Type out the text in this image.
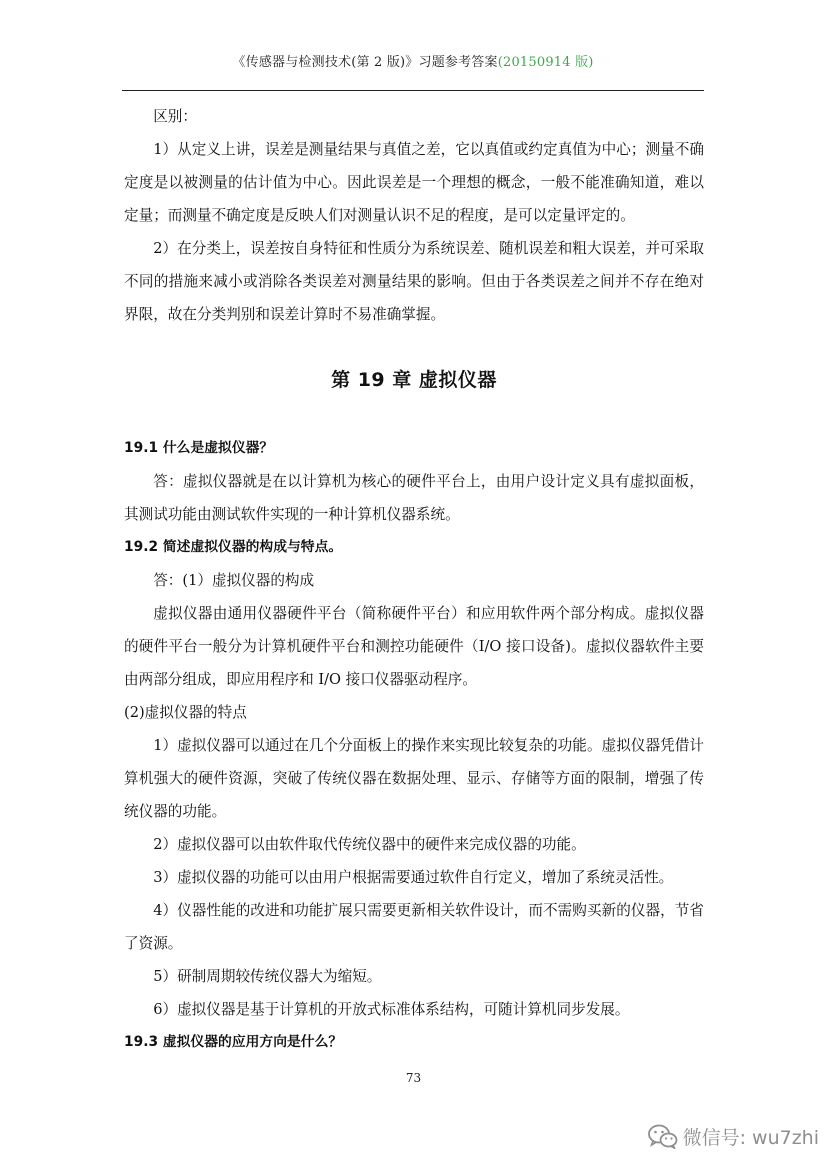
《传感器与检测技术(第 2 版)》习题参考答案(20150914 版)

区别：

1）从定义上讲，误差是测量结果与真值之差，它以真值或约定真值为中心；测量不确定度是以被测量的估计值为中心。因此误差是一个理想的概念，一般不能准确知道，难以定量；而测量不确定度是反映人们对测量认识不足的程度，是可以定量评定的。

2）在分类上，误差按自身特征和性质分为系统误差、随机误差和粗大误差，并可采取不同的措施来减小或消除各类误差对测量结果的影响。但由于各类误差之间并不存在绝对界限，故在分类判别和误差计算时不易准确掌握。

第 19 章 虚拟仪器
19.1 什么是虚拟仪器？

答：虚拟仪器就是在以计算机为核心的硬件平台上，由用户设计定义具有虚拟面板，其测试功能由测试软件实现的一种计算机仪器系统。

19.2 简述虚拟仪器的构成与特点。

答：(1）虚拟仪器的构成

虚拟仪器由通用仪器硬件平台（简称硬件平台）和应用软件两个部分构成。虚拟仪器的硬件平台一般分为计算机硬件平台和测控功能硬件（I/O 接口设备)。虚拟仪器软件主要由两部分组成，即应用程序和 I/O 接口仪器驱动程序。

(2)虚拟仪器的特点

1）虚拟仪器可以通过在几个分面板上的操作来实现比较复杂的功能。虚拟仪器凭借计算机强大的硬件资源，突破了传统仪器在数据处理、显示、存储等方面的限制，增强了传统仪器的功能。

2）虚拟仪器可以由软件取代传统仪器中的硬件来完成仪器的功能。

3）虚拟仪器的功能可以由用户根据需要通过软件自行定义，增加了系统灵活性。

4）仪器性能的改进和功能扩展只需要更新相关软件设计，而不需购买新的仪器，节省了资源。

5）研制周期较传统仪器大为缩短。

6）虚拟仪器是基于计算机的开放式标准体系结构，可随计算机同步发展。

19.3 虚拟仪器的应用方向是什么？
73
微信号: wu7zhi
